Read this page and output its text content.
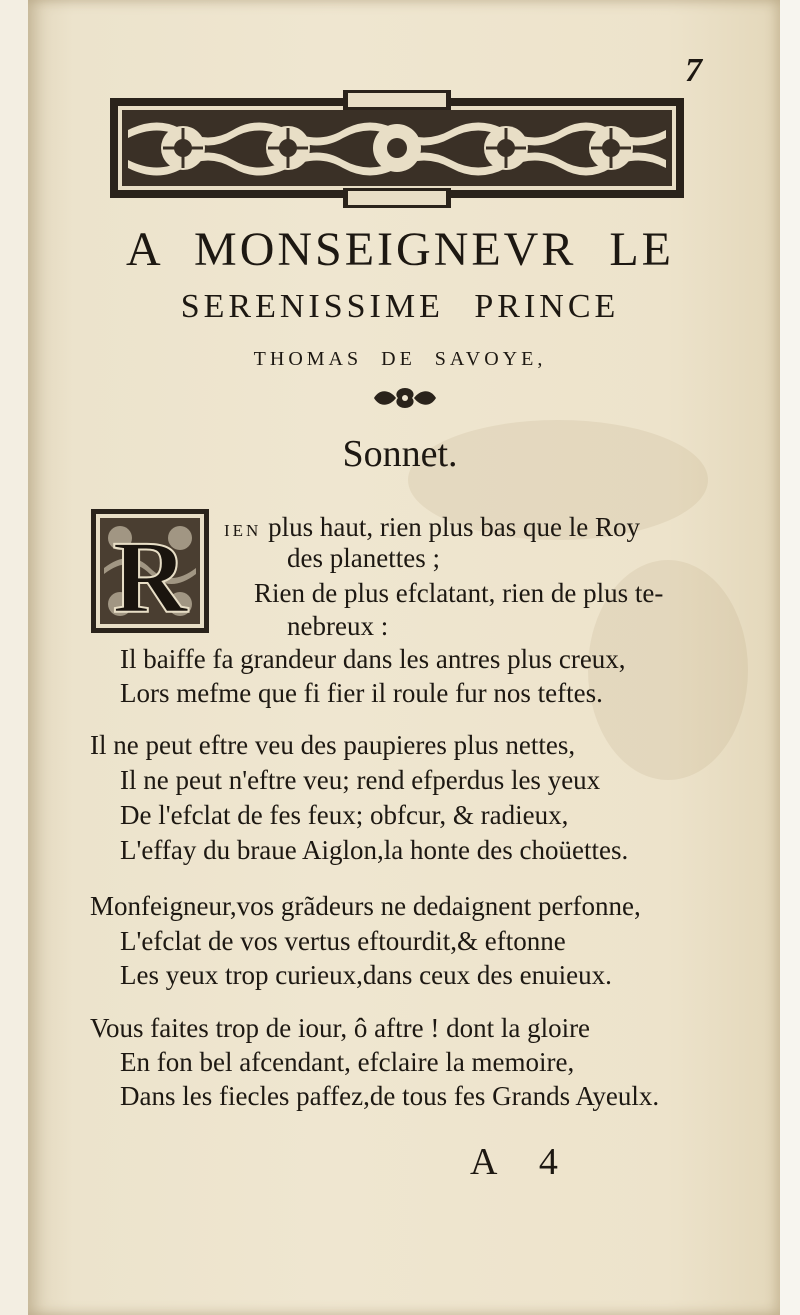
7
A MONSEIGNEVR LE
SERENISSIME PRINCE
THOMAS DE SAVOYE,
Sonnet.
R IEN plus haut, rien plus bas que le Roy
des planettes ;
Rien de plus efclatant, rien de plus te-
nebreux :
Il baiffe fa grandeur dans les antres plus creux,
Lors mefme que fi fier il roule fur nos teftes.
Il ne peut eftre veu des paupieres plus nettes,
Il ne peut n'eftre veu; rend efperdus les yeux
De l'efclat de fes feux; obfcur, & radieux,
L'effay du braue Aiglon,la honte des choüettes.
Monfeigneur,vos grãdeurs ne dedaignent perfonne,
L'efclat de vos vertus eftourdit,& eftonne
Les yeux trop curieux,dans ceux des enuieux.
Vous faites trop de iour, ô aftre ! dont la gloire
En fon bel afcendant, efclaire la memoire,
Dans les fiecles paffez,de tous fes Grands Ayeulx.
A 4
